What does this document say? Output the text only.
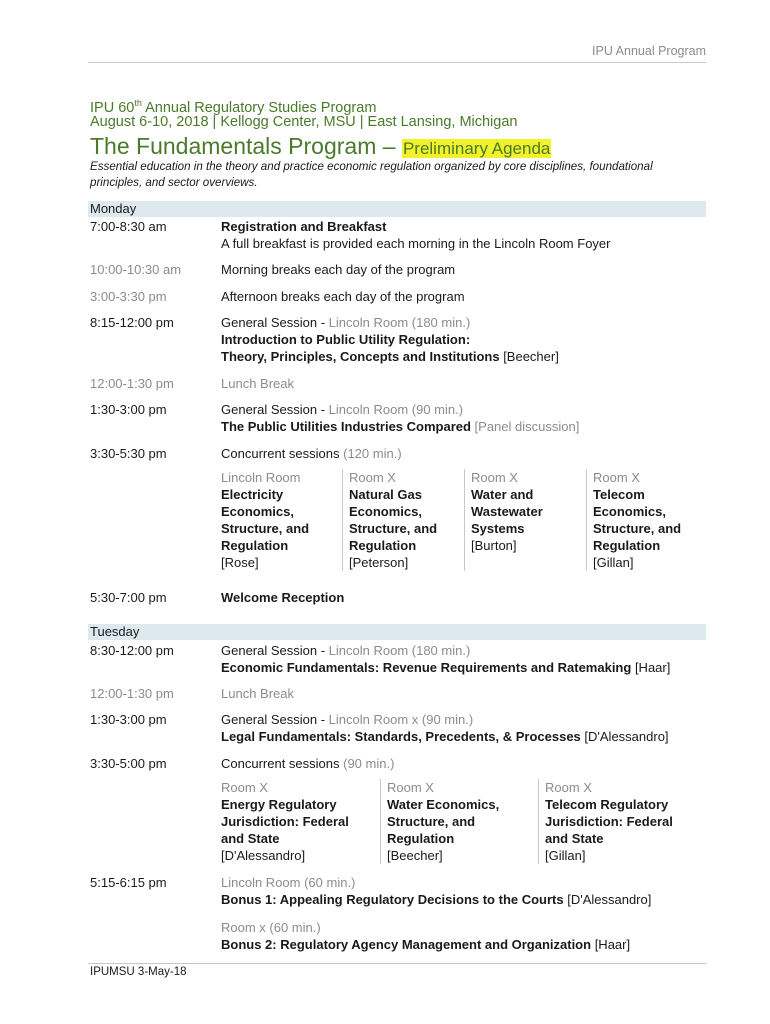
IPU Annual Program
IPU 60th Annual Regulatory Studies Program
August 6-10, 2018 | Kellogg Center, MSU | East Lansing, Michigan
The Fundamentals Program – Preliminary Agenda
Essential education in the theory and practice economic regulation organized by core disciplines, foundational principles, and sector overviews.
Monday
7:00-8:30 am	Registration and Breakfast
A full breakfast is provided each morning in the Lincoln Room Foyer
10:00-10:30 am	Morning breaks each day of the program
3:00-3:30 pm	Afternoon breaks each day of the program
8:15-12:00 pm	General Session - Lincoln Room (180 min.)
Introduction to Public Utility Regulation:
Theory, Principles, Concepts and Institutions [Beecher]
12:00-1:30 pm	Lunch Break
1:30-3:00 pm	General Session - Lincoln Room (90 min.)
The Public Utilities Industries Compared [Panel discussion]
3:30-5:30 pm	Concurrent sessions (120 min.)
Lincoln Room
Electricity
Economics,
Structure, and
Regulation
[Rose]
Room X
Natural Gas
Economics,
Structure, and
Regulation
[Peterson]
Room X
Water and
Wastewater
Systems
[Burton]
Room X
Telecom
Economics,
Structure, and
Regulation
[Gillan]
5:30-7:00 pm	Welcome Reception
Tuesday
8:30-12:00 pm	General Session - Lincoln Room (180 min.)
Economic Fundamentals: Revenue Requirements and Ratemaking [Haar]
12:00-1:30 pm	Lunch Break
1:30-3:00 pm	General Session - Lincoln Room x (90 min.)
Legal Fundamentals: Standards, Precedents, & Processes [D'Alessandro]
3:30-5:00 pm	Concurrent sessions (90 min.)
Room X
Energy Regulatory
Jurisdiction: Federal
and State
[D'Alessandro]
Room X
Water Economics,
Structure, and
Regulation
[Beecher]
Room X
Telecom Regulatory
Jurisdiction: Federal
and State
[Gillan]
5:15-6:15 pm	Lincoln Room (60 min.)
Bonus 1: Appealing Regulatory Decisions to the Courts [D'Alessandro]
Room x (60 min.)
Bonus 2: Regulatory Agency Management and Organization [Haar]
IPUMSU 3-May-18
